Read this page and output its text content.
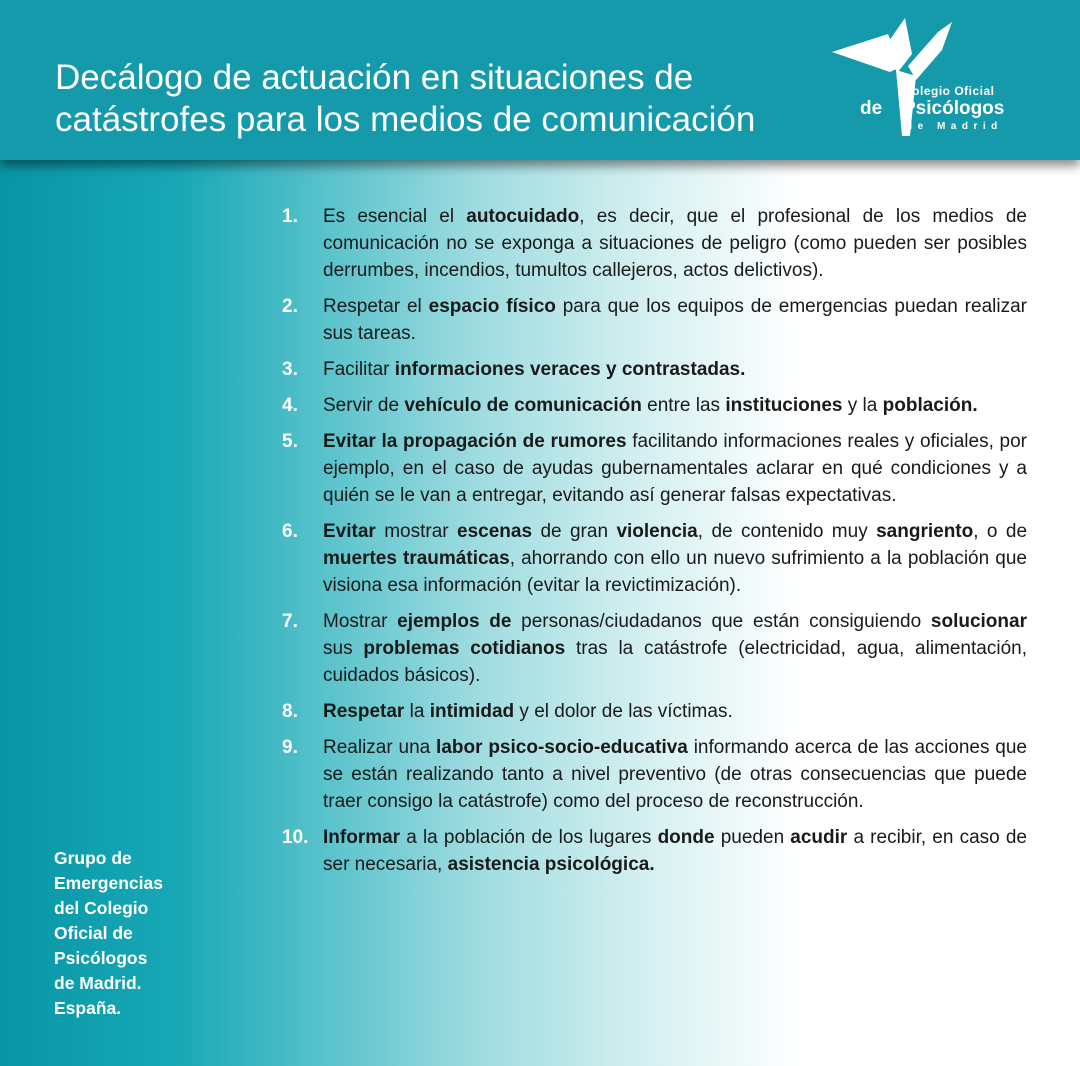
Decálogo de actuación en situaciones de
catástrofes para los medios de comunicación
Colegio Oficial
de Psicólogos
de Madrid
Grupo de
Emergencias
del Colegio
Oficial de
Psicólogos
de Madrid.
España.
1.	Es esencial el autocuidado, es decir, que el profesional de los medios de comunicación no se exponga a situaciones de peligro (como pueden ser posibles derrumbes, incendios, tumultos callejeros, actos delictivos).
2.	Respetar el espacio físico para que los equipos de emergencias puedan realizar sus tareas.
3.	Facilitar informaciones veraces y contrastadas.
4.	Servir de vehículo de comunicación entre las instituciones y la población.
5.	Evitar la propagación de rumores facilitando informaciones reales y oficiales, por ejemplo, en el caso de ayudas gubernamentales aclarar en qué condiciones y a quién se le van a entregar, evitando así generar falsas expectativas.
6.	Evitar mostrar escenas de gran violencia, de contenido muy sangriento, o de muertes traumáticas, ahorrando con ello un nuevo sufrimiento a la población que visiona esa información (evitar la revictimización).
7.	Mostrar ejemplos de personas/ciudadanos que están consiguiendo solucionar sus problemas cotidianos tras la catástrofe (electricidad, agua, alimentación, cuidados básicos).
8.	Respetar la intimidad y el dolor de las víctimas.
9.	Realizar una labor psico-socio-educativa informando acerca de las acciones que se están realizando tanto a nivel preventivo (de otras consecuencias que puede traer consigo la catástrofe) como del proceso de reconstrucción.
10. Informar a la población de los lugares donde pueden acudir a recibir, en caso de ser necesaria, asistencia psicológica.
